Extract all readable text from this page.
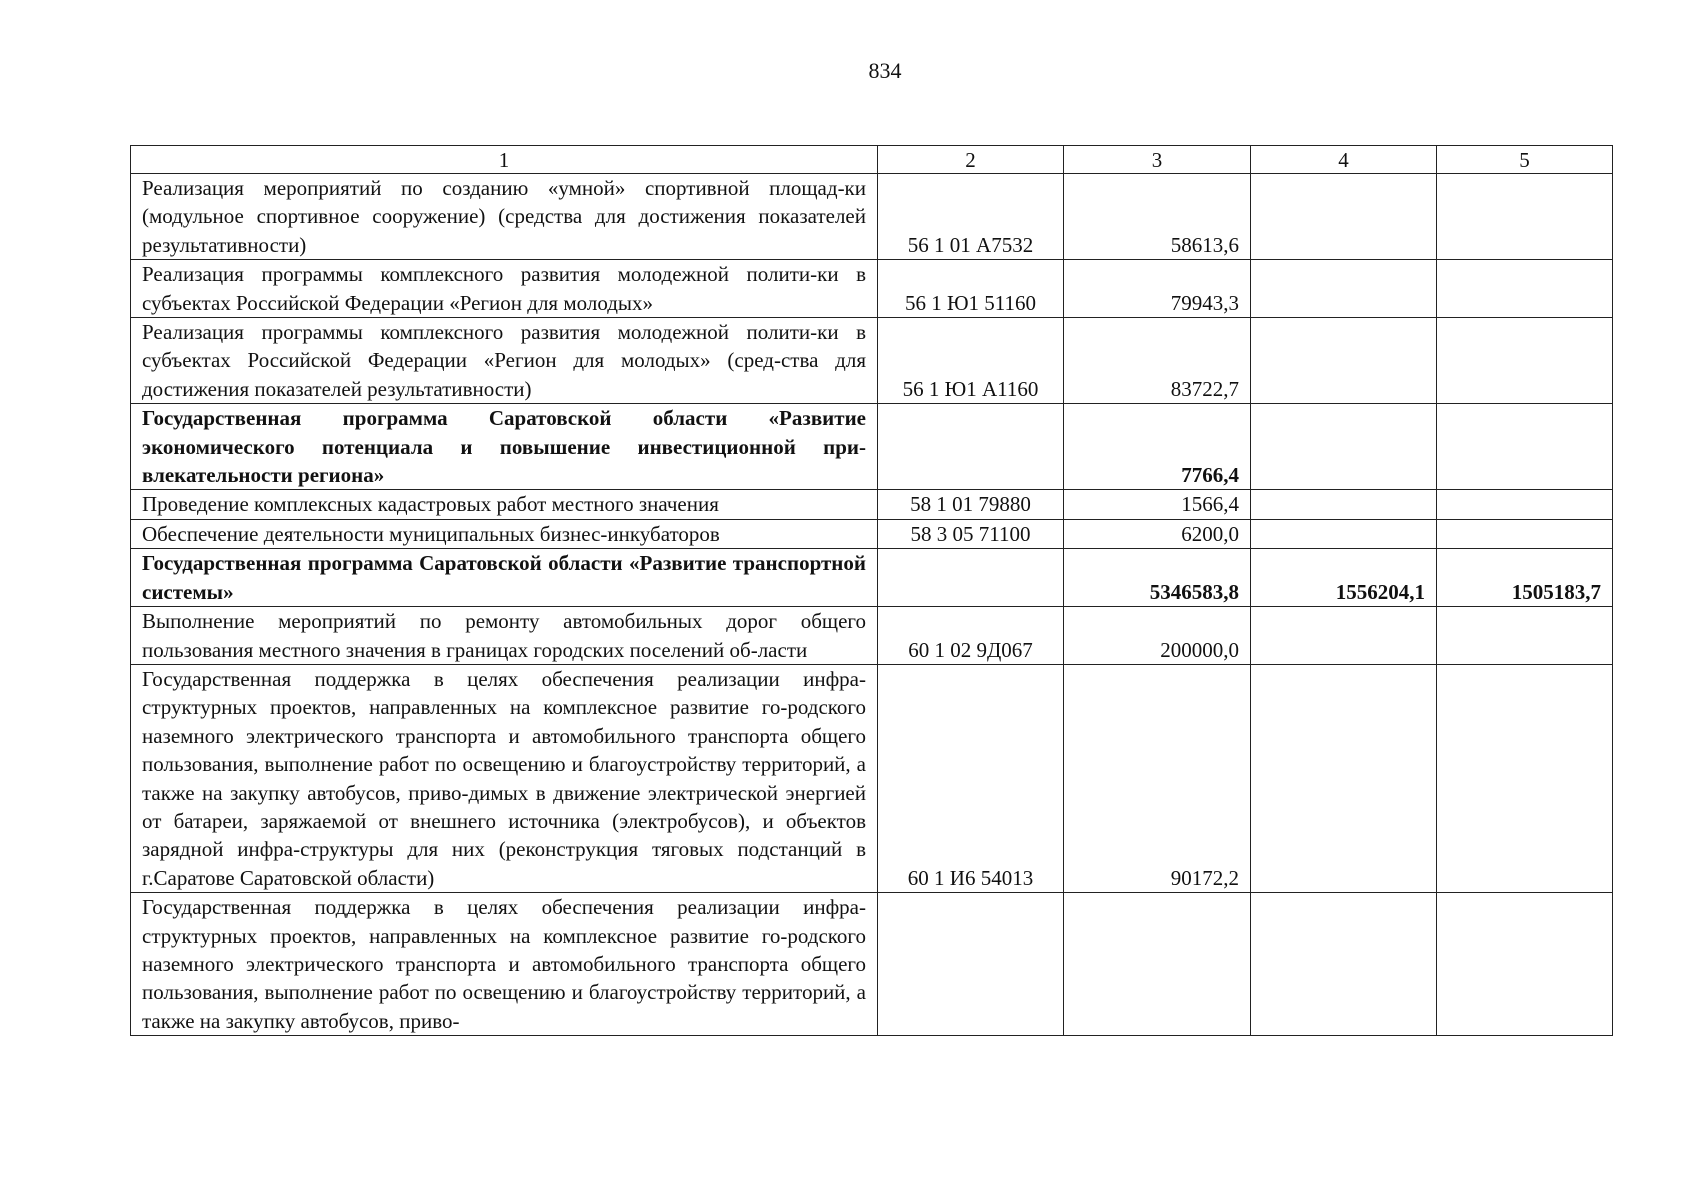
834
1	2	3	4	5
Реализация мероприятий по созданию «умной» спортивной площад-ки (модульное спортивное сооружение) (средства для достижения показателей результативности)	56 1 01 А7532	58613,6		
Реализация программы комплексного развития молодежной полити-ки в субъектах Российской Федерации «Регион для молодых»	56 1 Ю1 51160	79943,3		
Реализация программы комплексного развития молодежной полити-ки в субъектах Российской Федерации «Регион для молодых» (сред-ства для достижения показателей результативности)	56 1 Ю1 А1160	83722,7		
Государственная программа Саратовской области «Развитие экономического потенциала и повышение инвестиционной при-влекательности региона»		7766,4		
Проведение комплексных кадастровых работ местного значения	58 1 01 79880	1566,4		
Обеспечение деятельности муниципальных бизнес-инкубаторов	58 3 05 71100	6200,0		
Государственная программа Саратовской области «Развитие транспортной системы»		5346583,8	1556204,1	1505183,7
Выполнение мероприятий по ремонту автомобильных дорог общего пользования местного значения в границах городских поселений об-ласти	60 1 02 9Д067	200000,0		
Государственная поддержка в целях обеспечения реализации инфра-структурных проектов, направленных на комплексное развитие го-родского наземного электрического транспорта и автомобильного транспорта общего пользования, выполнение работ по освещению и благоустройству территорий, а также на закупку автобусов, приво-димых в движение электрической энергией от батареи, заряжаемой от внешнего источника (электробусов), и объектов зарядной инфра-структуры для них (реконструкция тяговых подстанций в г.Саратове Саратовской области)	60 1 И6 54013	90172,2		
Государственная поддержка в целях обеспечения реализации инфра-структурных проектов, направленных на комплексное развитие го-родского наземного электрического транспорта и автомобильного транспорта общего пользования, выполнение работ по освещению и благоустройству территорий, а также на закупку автобусов, приво-				
